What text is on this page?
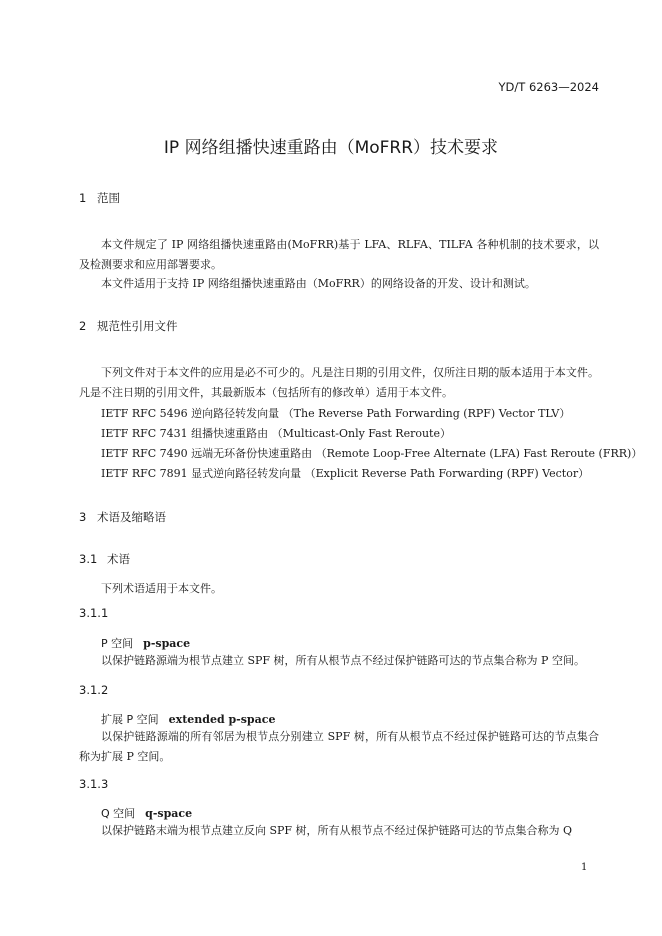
YD/T 6263—2024
IP 网络组播快速重路由（MoFRR）技术要求
1 范围

本文件规定了 IP 网络组播快速重路由(MoFRR)基于 LFA、RLFA、TILFA 各种机制的技术要求，以及检测要求和应用部署要求。

本文件适用于支持 IP 网络组播快速重路由（MoFRR）的网络设备的开发、设计和测试。

2 规范性引用文件

下列文件对于本文件的应用是必不可少的。凡是注日期的引用文件，仅所注日期的版本适用于本文件。凡是不注日期的引用文件，其最新版本（包括所有的修改单）适用于本文件。

IETF RFC 5496 逆向路径转发向量 （The Reverse Path Forwarding (RPF) Vector TLV）
IETF RFC 7431 组播快速重路由 （Multicast-Only Fast Reroute）
IETF RFC 7490 远端无环备份快速重路由 （Remote Loop-Free Alternate (LFA) Fast Reroute (FRR)）
IETF RFC 7891 显式逆向路径转发向量 （Explicit Reverse Path Forwarding (RPF) Vector）
3 术语及缩略语
3.1 术语
下列术语适用于本文件。
3.1.1
P 空间 p-space

以保护链路源端为根节点建立 SPF 树，所有从根节点不经过保护链路可达的节点集合称为 P 空间。

3.1.2
扩展 P 空间 extended p-space

以保护链路源端的所有邻居为根节点分别建立 SPF 树，所有从根节点不经过保护链路可达的节点集合称为扩展 P 空间。

3.1.3
Q 空间 q-space

以保护链路末端为根节点建立反向 SPF 树，所有从根节点不经过保护链路可达的节点集合称为 Q

1
